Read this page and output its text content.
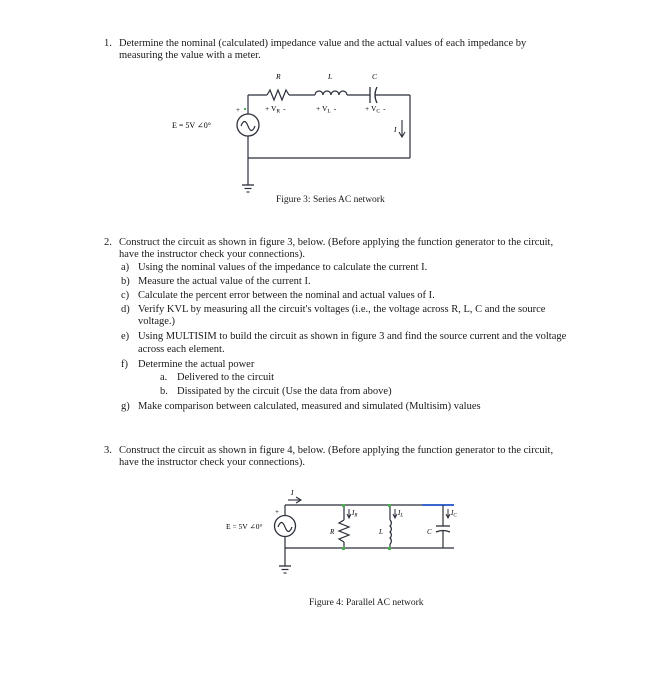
1. Determine the nominal (calculated) impedance value and the actual values of each impedance by
measuring the value with a meter.
R	L	C
+ $V_R$ -	+ $V_L$ -	+ $V_C$ -
+
E = 5V ∠0°	I
Figure 3: Series AC network
2. Construct the circuit as shown in figure 3, below. (Before applying the function generator to the circuit,
have the instructor check your connections).
a) Using the nominal values of the impedance to calculate the current I.
b) Measure the actual value of the current I.
c) Calculate the percent error between the nominal and actual values of I.
d) Verify KVL by measuring all the circuit's voltages (i.e., the voltage across R, L, C and the source
voltage.)
e) Using MULTISIM to build the circuit as shown in figure 3 and find the source current and the voltage
across each element.
f) Determine the actual power
a. Delivered to the circuit
b. Dissipated by the circuit (Use the data from above)
g) Make comparison between calculated, measured and simulated (Multisim) values
3. Construct the circuit as shown in figure 4, below. (Before applying the function generator to the circuit,
have the instructor check your connections).
I
$I_R$	$I_L$	$I_C$
R	L	C
+
E = 5V ∠0°
Figure 4: Parallel AC network
